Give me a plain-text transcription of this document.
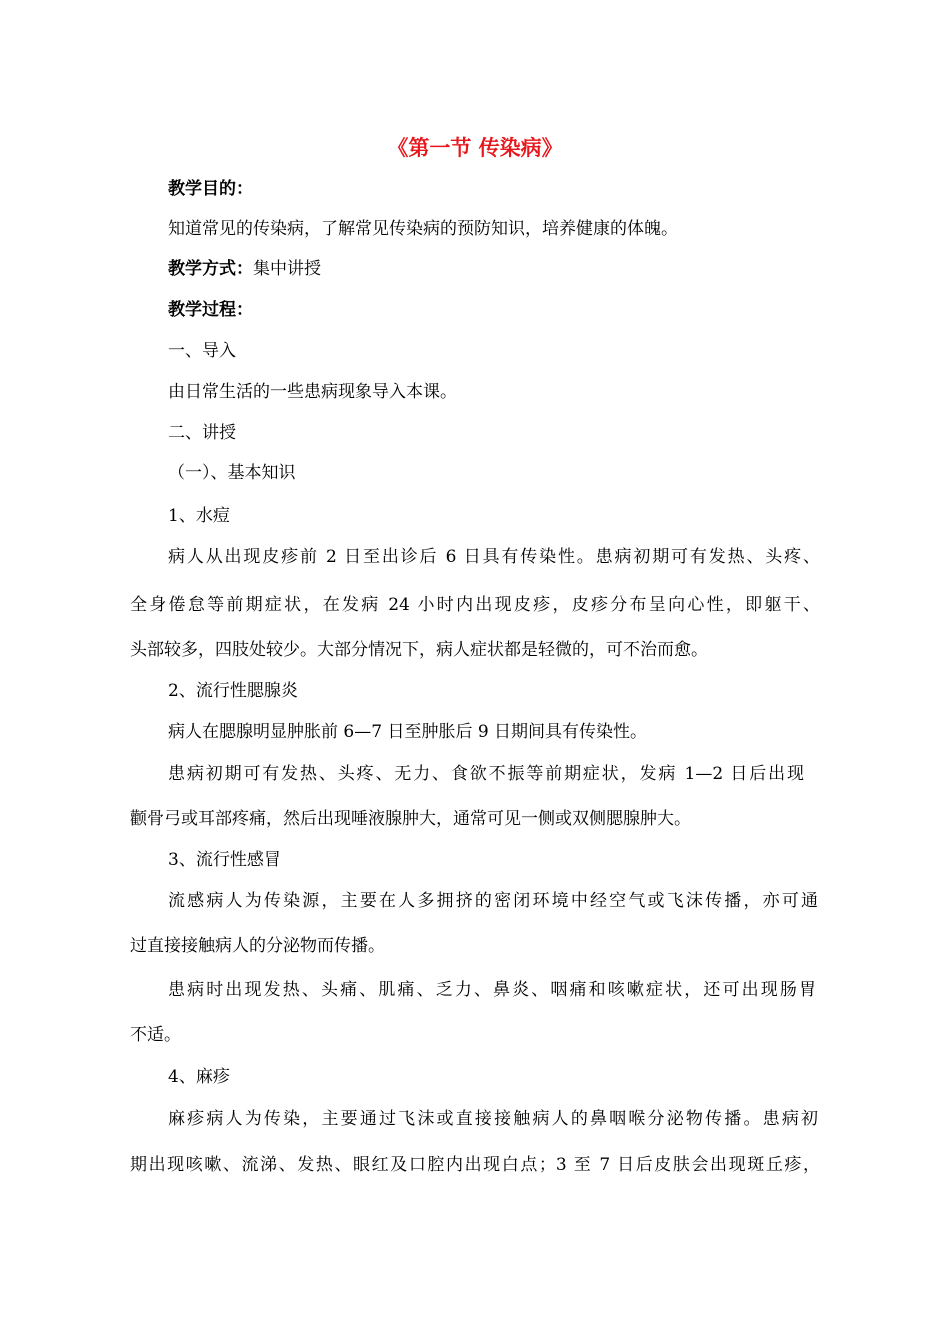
《第一节 传染病》
教学目的：
知道常见的传染病，了解常见传染病的预防知识，培养健康的体魄。
教学方式：集中讲授
教学过程：
一、导入
由日常生活的一些患病现象导入本课。
二、讲授
（一）、基本知识
1、水痘
病人从出现皮疹前 2 日至出诊后 6 日具有传染性。患病初期可有发热、头疼、
全身倦怠等前期症状，在发病 24 小时内出现皮疹，皮疹分布呈向心性，即躯干、
头部较多，四肢处较少。大部分情况下，病人症状都是轻微的，可不治而愈。
2、流行性腮腺炎
病人在腮腺明显肿胀前 6—7 日至肿胀后 9 日期间具有传染性。
患病初期可有发热、头疼、无力、食欲不振等前期症状，发病 1—2 日后出现
颧骨弓或耳部疼痛，然后出现唾液腺肿大，通常可见一侧或双侧腮腺肿大。
3、流行性感冒
流感病人为传染源，主要在人多拥挤的密闭环境中经空气或飞沫传播，亦可通
过直接接触病人的分泌物而传播。
患病时出现发热、头痛、肌痛、乏力、鼻炎、咽痛和咳嗽症状，还可出现肠胃
不适。
4、麻疹
麻疹病人为传染，主要通过飞沫或直接接触病人的鼻咽喉分泌物传播。患病初
期出现咳嗽、流涕、发热、眼红及口腔内出现白点；3 至 7 日后皮肤会出现斑丘疹，
